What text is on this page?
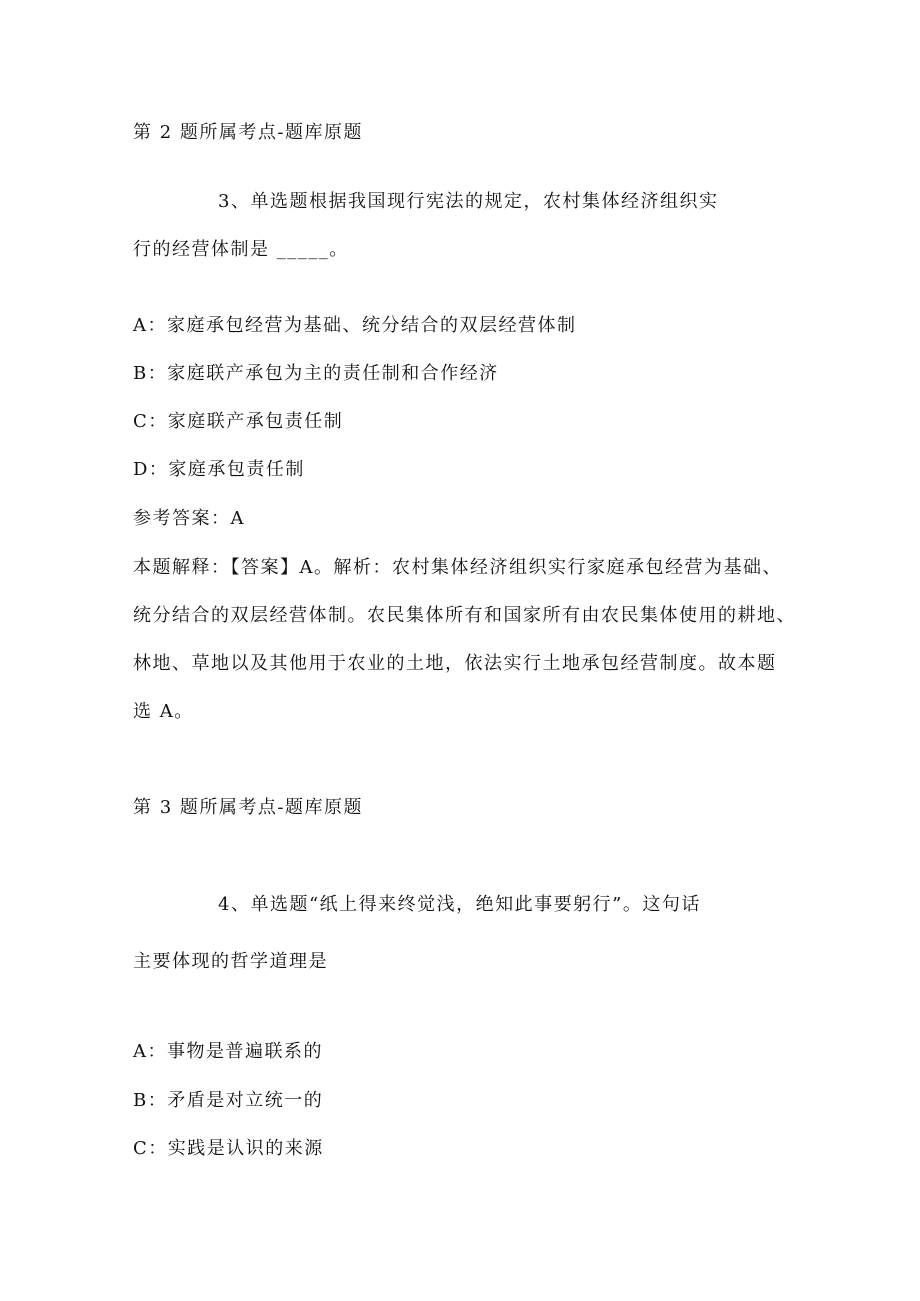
第 2 题所属考点-题库原题
3、单选题根据我国现行宪法的规定，农村集体经济组织实
行的经营体制是 _____。
A：家庭承包经营为基础、统分结合的双层经营体制
B：家庭联产承包为主的责任制和合作经济
C：家庭联产承包责任制
D：家庭承包责任制
参考答案：A
本题解释：【答案】A。解析：农村集体经济组织实行家庭承包经营为基础、
统分结合的双层经营体制。农民集体所有和国家所有由农民集体使用的耕地、
林地、草地以及其他用于农业的土地，依法实行土地承包经营制度。故本题
选 A。
第 3 题所属考点-题库原题
4、单选题“纸上得来终觉浅，绝知此事要躬行”。这句话
主要体现的哲学道理是
A：事物是普遍联系的
B：矛盾是对立统一的
C：实践是认识的来源
